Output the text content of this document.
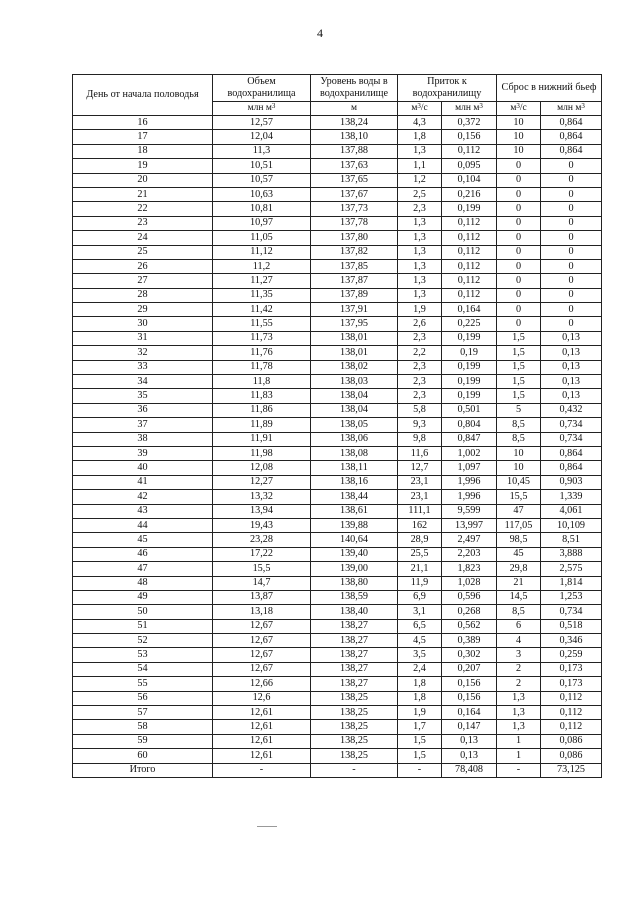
4
День от начала половодья	Объем водохранилища	Уровень воды в водохранилище	Приток к водохранилищу		Сброс в нижний бьеф	

	млн $м^3$	м	$м^3/с$	млн $м^3$	$м^3/с$	млн $м^3$
16	12,57	138,24	4,3	0,372	10	0,864
17	12,04	138,10	1,8	0,156	10	0,864
18	11,3	137,88	1,3	0,112	10	0,864
19	10,51	137,63	1,1	0,095	0	0
20	10,57	137,65	1,2	0,104	0	0
21	10,63	137,67	2,5	0,216	0	0
22	10,81	137,73	2,3	0,199	0	0
23	10,97	137,78	1,3	0,112	0	0
24	11,05	137,80	1,3	0,112	0	0
25	11,12	137,82	1,3	0,112	0	0
26	11,2	137,85	1,3	0,112	0	0
27	11,27	137,87	1,3	0,112	0	0
28	11,35	137,89	1,3	0,112	0	0
29	11,42	137,91	1,9	0,164	0	0
30	11,55	137,95	2,6	0,225	0	0
31	11,73	138,01	2,3	0,199	1,5	0,13
32	11,76	138,01	2,2	0,19	1,5	0,13
33	11,78	138,02	2,3	0,199	1,5	0,13
34	11,8	138,03	2,3	0,199	1,5	0,13
35	11,83	138,04	2,3	0,199	1,5	0,13
36	11,86	138,04	5,8	0,501	5	0,432
37	11,89	138,05	9,3	0,804	8,5	0,734
38	11,91	138,06	9,8	0,847	8,5	0,734
39	11,98	138,08	11,6	1,002	10	0,864
40	12,08	138,11	12,7	1,097	10	0,864
41	12,27	138,16	23,1	1,996	10,45	0,903
42	13,32	138,44	23,1	1,996	15,5	1,339
43	13,94	138,61	111,1	9,599	47	4,061
44	19,43	139,88	162	13,997	117,05	10,109
45	23,28	140,64	28,9	2,497	98,5	8,51
46	17,22	139,40	25,5	2,203	45	3,888
47	15,5	139,00	21,1	1,823	29,8	2,575
48	14,7	138,80	11,9	1,028	21	1,814
49	13,87	138,59	6,9	0,596	14,5	1,253
50	13,18	138,40	3,1	0,268	8,5	0,734
51	12,67	138,27	6,5	0,562	6	0,518
52	12,67	138,27	4,5	0,389	4	0,346
53	12,67	138,27	3,5	0,302	3	0,259
54	12,67	138,27	2,4	0,207	2	0,173
55	12,66	138,27	1,8	0,156	2	0,173
56	12,6	138,25	1,8	0,156	1,3	0,112
57	12,61	138,25	1,9	0,164	1,3	0,112
58	12,61	138,25	1,7	0,147	1,3	0,112
59	12,61	138,25	1,5	0,13	1	0,086
60	12,61	138,25	1,5	0,13	1	0,086
Итого	-	-	-	78,408	-	73,125
